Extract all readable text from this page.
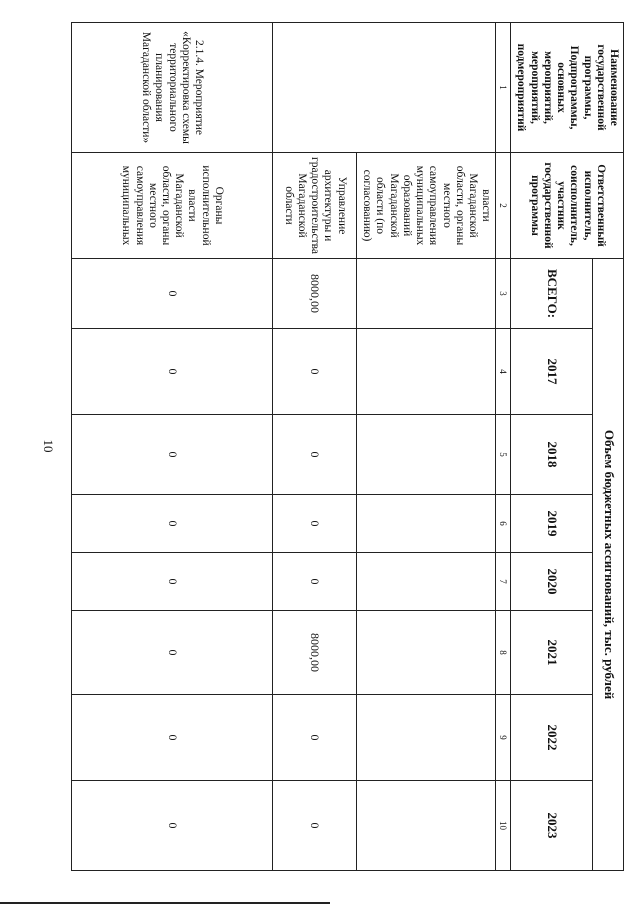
10
Наименование государственной программы, Подпрограммы, основных мероприятий, мероприятий, подмероприятий	Ответственный исполнитель, соисполнитель, участник государственной программы	Объем бюджетных ассигнований, тыс. рублей							
		ВСЕГО:	2017	2018	2019	2020	2021	2022	2023
1	2	3	4	5	6	7	8	9	10
	власти Магаданской области, органы местного самоуправления муниципальных образований Магаданской области (по согласованию)								
	Управление архитектуры и градостроительства Магаданской области	8000,00	0	0	0	0	8000,00	0	0
2.1.4. Мероприятие «Корректировка схемы территориального планирования Магаданской области»	Органы исполнительной власти Магаданской области, органы местного самоуправления муниципальных	0	0	0	0	0	0	0	0
